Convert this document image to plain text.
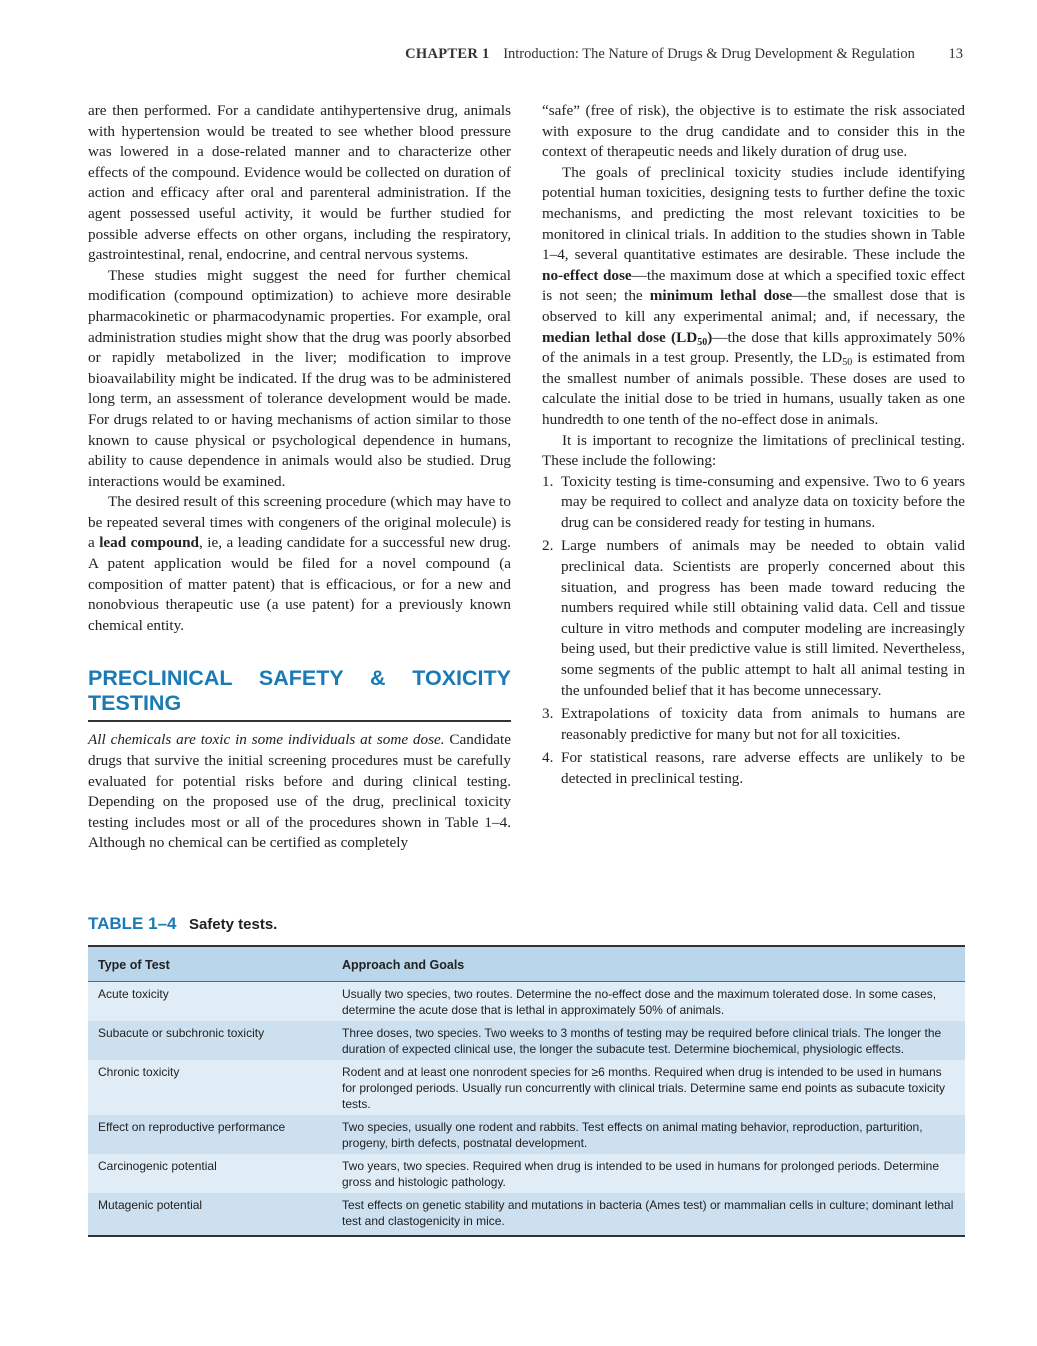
CHAPTER 1 Introduction: The Nature of Drugs & Drug Development & Regulation 13

are then performed. For a candidate antihypertensive drug, animals with hypertension would be treated to see whether blood pressure was lowered in a dose-related manner and to characterize other effects of the compound. Evidence would be collected on duration of action and efficacy after oral and parenteral administration. If the agent possessed useful activity, it would be further studied for possible adverse effects on other organs, including the respiratory, gastrointestinal, renal, endocrine, and central nervous systems.

These studies might suggest the need for further chemical modification (compound optimization) to achieve more desirable pharmacokinetic or pharmacodynamic properties. For example, oral administration studies might show that the drug was poorly absorbed or rapidly metabolized in the liver; modification to improve bioavailability might be indicated. If the drug was to be administered long term, an assessment of tolerance development would be made. For drugs related to or having mechanisms of action similar to those known to cause physical or psychological dependence in humans, ability to cause dependence in animals would also be studied. Drug interactions would be examined.

The desired result of this screening procedure (which may have to be repeated several times with congeners of the original molecule) is a lead compound, ie, a leading candidate for a successful new drug. A patent application would be filed for a novel compound (a composition of matter patent) that is efficacious, or for a new and nonobvious therapeutic use (a use patent) for a previously known chemical entity.

PRECLINICAL SAFETY & TOXICITY TESTING

All chemicals are toxic in some individuals at some dose. Candidate drugs that survive the initial screening procedures must be carefully evaluated for potential risks before and during clinical testing. Depending on the proposed use of the drug, preclinical toxicity testing includes most or all of the procedures shown in Table 1–4. Although no chemical can be certified as completely

“safe” (free of risk), the objective is to estimate the risk associated with exposure to the drug candidate and to consider this in the context of therapeutic needs and likely duration of drug use.

The goals of preclinical toxicity studies include identifying potential human toxicities, designing tests to further define the toxic mechanisms, and predicting the most relevant toxicities to be monitored in clinical trials. In addition to the studies shown in Table 1–4, several quantitative estimates are desirable. These include the no-effect dose—the maximum dose at which a specified toxic effect is not seen; the minimum lethal dose—the smallest dose that is observed to kill any experimental animal; and, if necessary, the median lethal dose $(LD_{50})—the$ dose that kills approximately 50% of the animals in a test group. Presently, the $LD_{50}$ is estimated from the smallest number of animals possible. These doses are used to calculate the initial dose to be tried in humans, usually taken as one hundredth to one tenth of the no-effect dose in animals.

It is important to recognize the limitations of preclinical testing. These include the following:

1. Toxicity testing is time-consuming and expensive. Two to 6 years may be required to collect and analyze data on toxicity before the drug can be considered ready for testing in humans.
2. Large numbers of animals may be needed to obtain valid preclinical data. Scientists are properly concerned about this situation, and progress has been made toward reducing the numbers required while still obtaining valid data. Cell and tissue culture in vitro methods and computer modeling are increasingly being used, but their predictive value is still limited. Nevertheless, some segments of the public attempt to halt all animal testing in the unfounded belief that it has become unnecessary.
3. Extrapolations of toxicity data from animals to humans are reasonably predictive for many but not for all toxicities.
4. For statistical reasons, rare adverse effects are unlikely to be detected in preclinical testing.
TABLE 1–4 Safety tests.
Type of Test	Approach and Goals
Acute toxicity	Usually two species, two routes. Determine the no-effect dose and the maximum tolerated dose. In some cases, determine the acute dose that is lethal in approximately 50% of animals.
Subacute or subchronic toxicity	Three doses, two species. Two weeks to 3 months of testing may be required before clinical trials. The longer the duration of expected clinical use, the longer the subacute test. Determine biochemical, physiologic effects.
Chronic toxicity	Rodent and at least one nonrodent species for ≥6 months. Required when drug is intended to be used in humans for prolonged periods. Usually run concurrently with clinical trials. Determine same end points as subacute toxicity tests.
Effect on reproductive performance	Two species, usually one rodent and rabbits. Test effects on animal mating behavior, reproduction, parturition, progeny, birth defects, postnatal development.
Carcinogenic potential	Two years, two species. Required when drug is intended to be used in humans for prolonged periods. Determine gross and histologic pathology.
Mutagenic potential	Test effects on genetic stability and mutations in bacteria (Ames test) or mammalian cells in culture; dominant lethal test and clastogenicity in mice.
